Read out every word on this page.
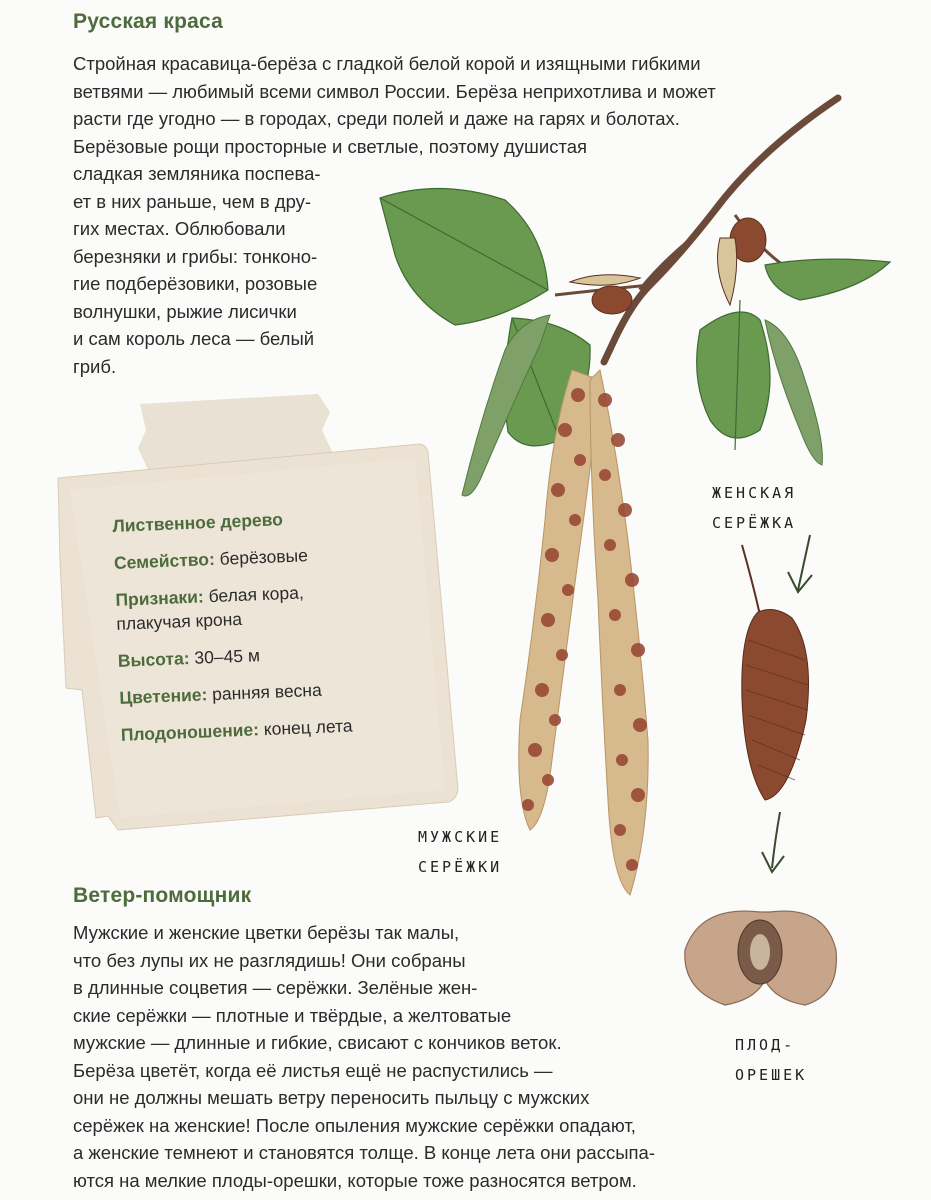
Русская краса

Стройная красавица-берёза с гладкой белой корой и изящными гибкими
ветвями — любимый всеми символ России. Берёза неприхотлива и может
расти где угодно — в городах, среди полей и даже на гарях и болотах.
Берёзовые рощи просторные и светлые, поэтому душистая
сладкая земляника поспева-
ет в них раньше, чем в дру-
гих местах. Облюбовали
березняки и грибы: тонконо-
гие подберёзовики, розовые
волнушки, рыжие лисички
и сам король леса — белый
гриб.

Лиственное дерево
Семейство: берёзовые
Признаки: белая кора,
плакучая крона
Высота: 30–45 м
Цветение: ранняя весна
Плодоношение: конец лета
ЖЕНСКАЯ
СЕРЁЖКА
МУЖСКИЕ
СЕРЁЖКИ
ПЛОД-
ОРЕШЕК
Ветер-помощник

Мужские и женские цветки берёзы так малы,
что без лупы их не разглядишь! Они собраны
в длинные соцветия — серёжки. Зелёные жен-
ские серёжки — плотные и твёрдые, а желтоватые
мужские — длинные и гибкие, свисают с кончиков веток.
Берёза цветёт, когда её листья ещё не распустились —
они не должны мешать ветру переносить пыльцу с мужских
серёжек на женские! После опыления мужские серёжки опадают,
а женские темнеют и становятся толще. В конце лета они рассыпа-
ются на мелкие плоды-орешки, которые тоже разносятся ветром.
